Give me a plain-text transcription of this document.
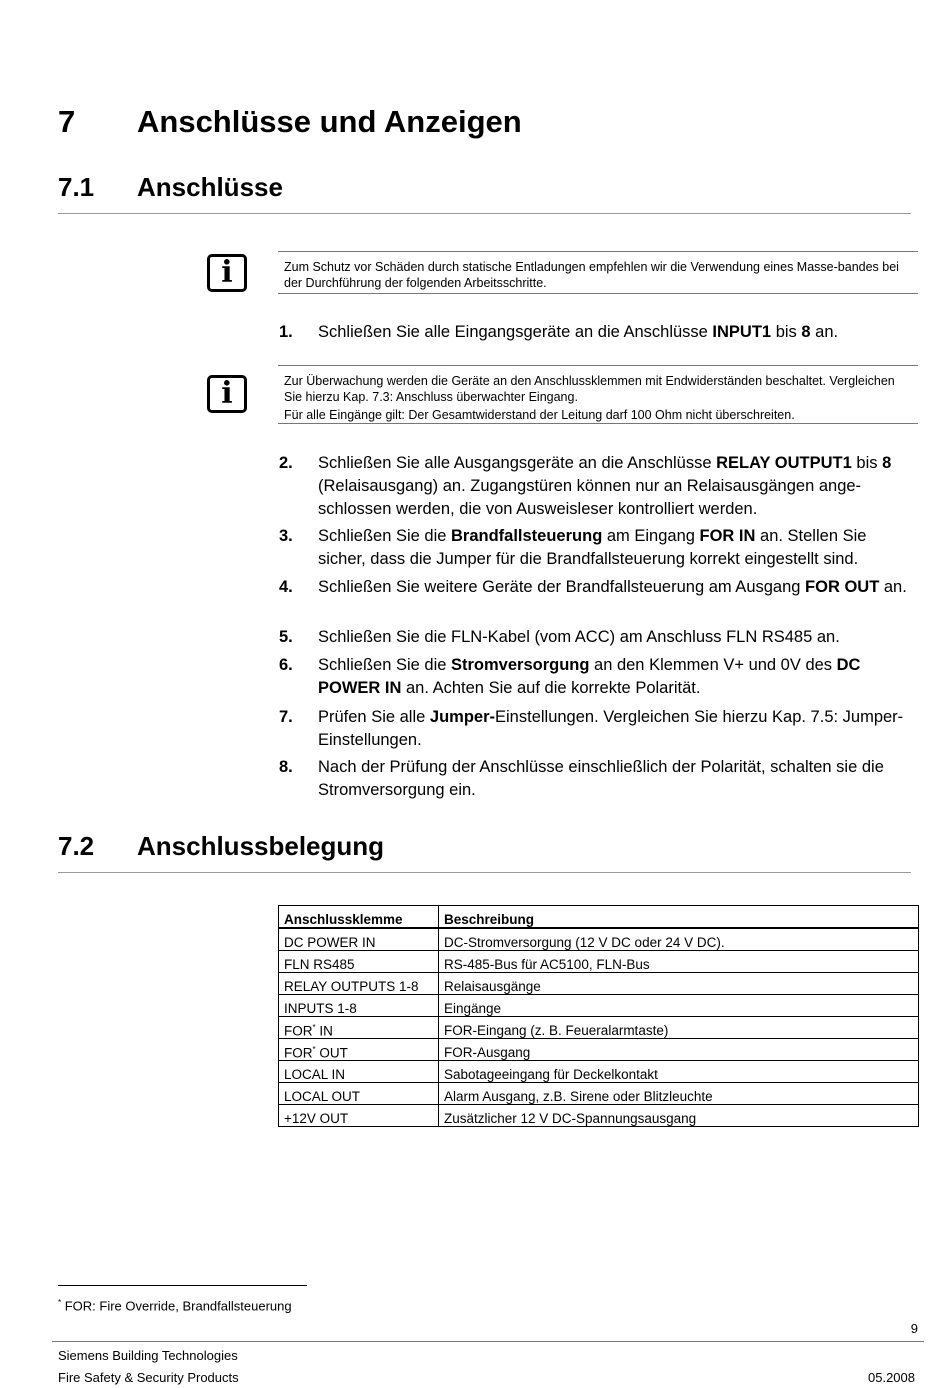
7 Anschlüsse und Anzeigen
7.1 Anschlüsse
i	Zum Schutz vor Schäden durch statische Entladungen empfehlen wir die Verwendung eines Masse-bandes bei der Durchführung der folgenden Arbeitsschritte.

1. Schließen Sie alle Eingangsgeräte an die Anschlüsse INPUT1 bis 8 an.
i	Zur Überwachung werden die Geräte an den Anschlussklemmen mit Endwiderständen beschaltet. Vergleichen Sie hierzu Kap. 7.3: Anschluss überwachter Eingang.

Für alle Eingänge gilt: Der Gesamtwiderstand der Leitung darf 100 Ohm nicht überschreiten.

2. Schließen Sie alle Ausgangsgeräte an die Anschlüsse RELAY OUTPUT1 bis 8 (Relaisausgang) an. Zugangstüren können nur an Relaisausgängen ange-schlossen werden, die von Ausweisleser kontrolliert werden.
3. Schließen Sie die Brandfallsteuerung am Eingang FOR IN an. Stellen Sie sicher, dass die Jumper für die Brandfallsteuerung korrekt eingestellt sind.
4. Schließen Sie weitere Geräte der Brandfallsteuerung am Ausgang FOR OUT an.
5. Schließen Sie die FLN-Kabel (vom ACC) am Anschluss FLN RS485 an.
6. Schließen Sie die Stromversorgung an den Klemmen V+ und 0V des DC POWER IN an. Achten Sie auf die korrekte Polarität.
7. Prüfen Sie alle Jumper-Einstellungen. Vergleichen Sie hierzu Kap. 7.5: Jumper-Einstellungen.
8. Nach der Prüfung der Anschlüsse einschließlich der Polarität, schalten sie die Stromversorgung ein.
7.2 Anschlussbelegung
Anschlussklemme	Beschreibung
DC POWER IN	DC-Stromversorgung (12 V DC oder 24 V DC).
FLN RS485	RS-485-Bus für AC5100, FLN-Bus
RELAY OUTPUTS 1-8	Relaisausgänge
INPUTS 1-8	Eingänge
FOR* IN	FOR-Eingang (z. B. Feueralarmtaste)
FOR* OUT	FOR-Ausgang
LOCAL IN	Sabotageeingang für Deckelkontakt
LOCAL OUT	Alarm Ausgang, z.B. Sirene oder Blitzleuchte
+12V OUT	Zusätzlicher 12 V DC-Spannungsausgang
* FOR: Fire Override, Brandfallsteuerung
9
Siemens Building Technologies
Fire Safety & Security Products	05.2008
